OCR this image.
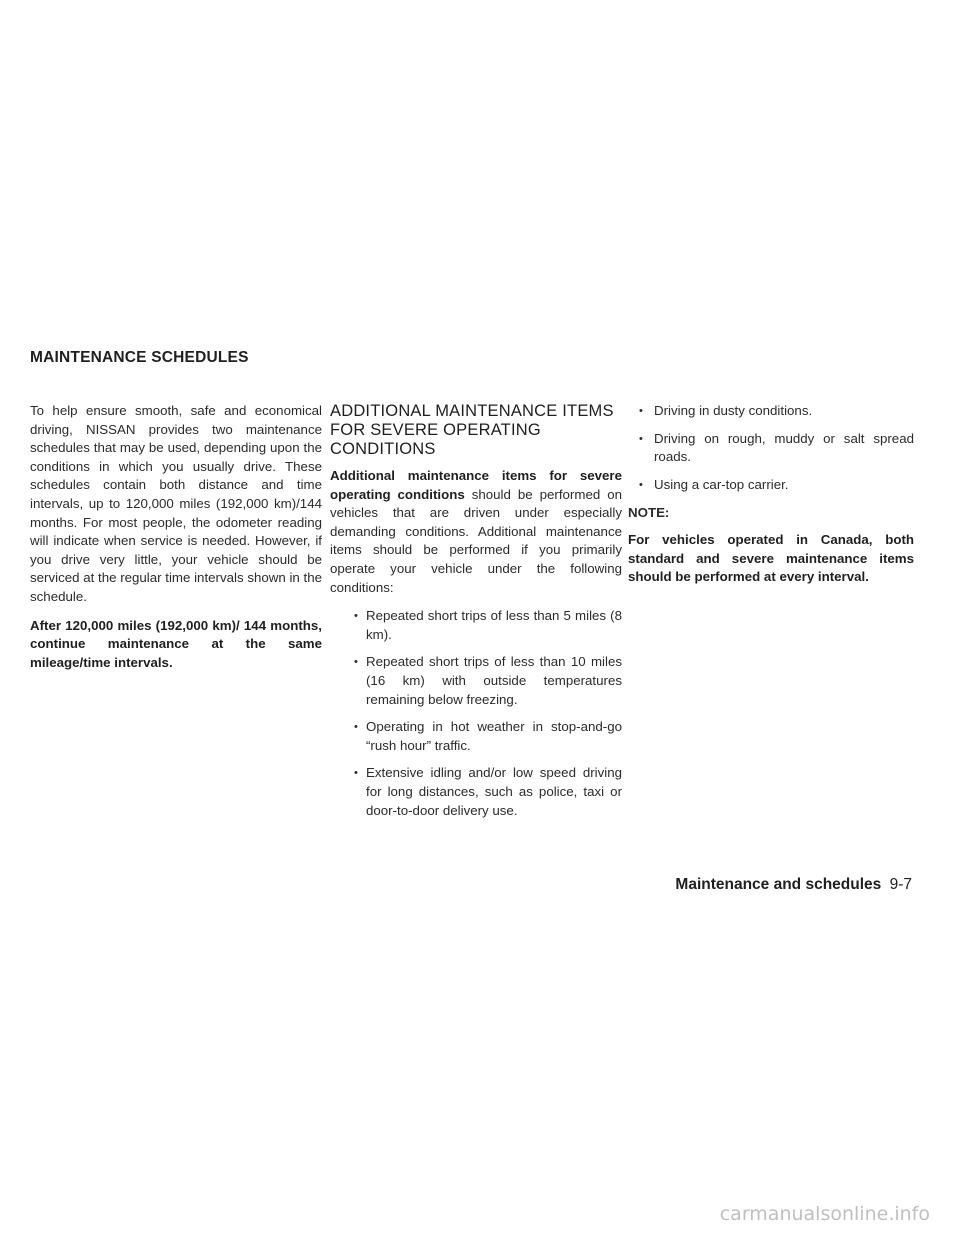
MAINTENANCE SCHEDULES

To help ensure smooth, safe and economical driving, NISSAN provides two maintenance schedules that may be used, depending upon the conditions in which you usually drive. These schedules contain both distance and time intervals, up to 120,000 miles (192,000 km)/144 months. For most people, the odometer reading will indicate when service is needed. However, if you drive very little, your vehicle should be serviced at the regular time intervals shown in the schedule.

After 120,000 miles (192,000 km)/ 144 months, continue maintenance at the same mileage/time intervals.

ADDITIONAL MAINTENANCE ITEMS FOR SEVERE OPERATING CONDITIONS

Additional maintenance items for severe operating conditions should be performed on vehicles that are driven under especially demanding conditions. Additional maintenance items should be performed if you primarily operate your vehicle under the following conditions:

• Repeated short trips of less than 5 miles (8 km).
• Repeated short trips of less than 10 miles (16 km) with outside temperatures remaining below freezing.
• Operating in hot weather in stop-and-go “rush hour” traffic.
• Extensive idling and/or low speed driving for long distances, such as police, taxi or door-to-door delivery use.
• Driving in dusty conditions.
• Driving on rough, muddy or salt spread roads.
• Using a car-top carrier.

NOTE:

For vehicles operated in Canada, both standard and severe maintenance items should be performed at every interval.

Maintenance and schedules 9-7
carmanualsonline.info
